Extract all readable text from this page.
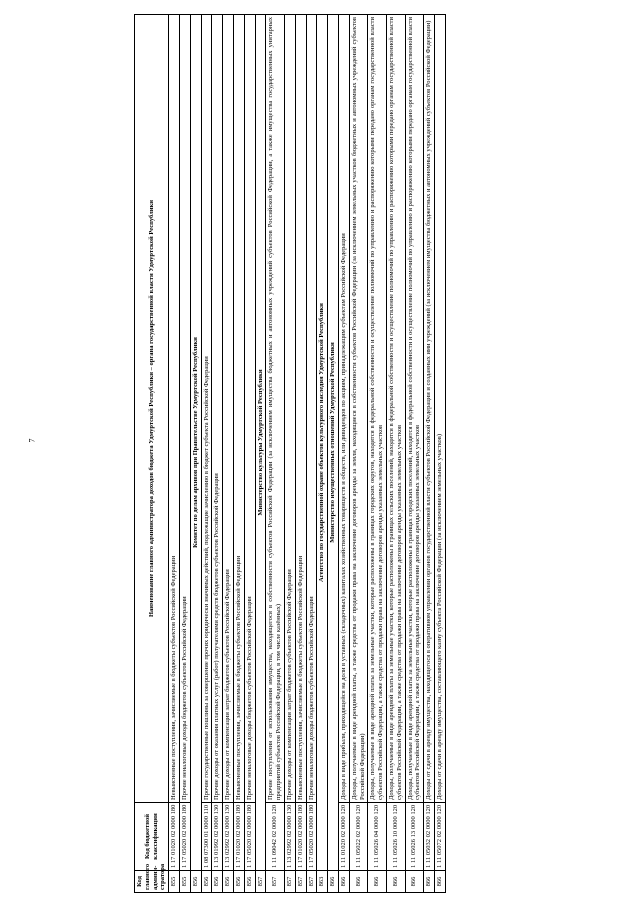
7
Код главного админи-стратора	Код бюджетной классификации	Наименование главного администратора доходов бюджета Удмуртской Республики – органа государственной власти Удмуртской Республики
855	1 17 01020 02 0000 180	Невыясненные поступления, зачисляемые в бюджеты субъектов Российской Федерации
855	1 17 05020 02 0000 180	Прочие неналоговые доходы бюджетов субъектов Российской Федерации
856	Комитет по делам архивов при Правительстве Удмуртской Республики	
856	1 08 07300 01 0000 110	Прочие государственные пошлины за совершение прочих юридически значимых действий, подлежащие зачислению в бюджет субъекта Российской Федерации
856	1 13 01992 02 0000 130	Прочие доходы от оказания платных услуг (работ) получателями средств бюджетов субъектов Российской Федерации
856	1 13 02992 02 0000 130	Прочие доходы от компенсации затрат бюджетов субъектов Российской Федерации
856	1 17 01020 02 0000 180	Невыясненные поступления, зачисляемые в бюджеты субъектов Российской Федерации
856	1 17 05020 02 0000 180	Прочие неналоговые доходы бюджетов субъектов Российской Федерации
857	Министерство культуры Удмуртской Республики	
857	1 11 09042 02 0000 120	Прочие поступления от использования имущества, находящегося в собственности субъектов Российской Федерации (за исключением имущества бюджетных и автономных учреждений субъектов Российской Федерации, а также имущества государственных унитарных предприятий субъектов Российской Федерации, в том числе казённых)
857	1 13 02992 02 0000 130	Прочие доходы от компенсации затрат бюджетов субъектов Российской Федерации
857	1 17 01020 02 0000 180	Невыясненные поступления, зачисляемые в бюджеты субъектов Российской Федерации
857	1 17 05020 02 0000 180	Прочие неналоговые доходы бюджетов субъектов Российской Федерации
863	Агентство по государственной охране объектов культурного наследия Удмуртской Республики	
866	Министерство имущественных отношений Удмуртской Республики	
866	1 11 01020 02 0000 120	Доходы в виде прибыли, приходящейся на доли в уставных (складочных) капиталах хозяйственных товариществ и обществ, или дивидендов по акциям, принадлежащим субъектам Российской Федерации
866	1 11 05022 02 0000 120	Доходы, получаемые в виде арендной платы, а также средства от продажи права на заключение договоров аренды за земли, находящиеся в собственности субъектов Российской Федерации (за исключением земельных участков бюджетных и автономных учреждений субъектов Российской Федерации)
866	1 11 05026 04 0000 120	Доходы, получаемые в виде арендной платы за земельные участки, которые расположены в границах городских округов, находятся в федеральной собственности и осуществление полномочий по управлению и распоряжению которыми передано органам государственной власти субъектов Российской Федерации, а также средства от продажи права на заключение договоров аренды указанных земельных участков
866	1 11 05026 10 0000 120	Доходы, получаемые в виде арендной платы за земельные участки, которые расположены в границах сельских поселений, находятся в федеральной собственности и осуществление полномочий по управлению и распоряжению которыми передано органам государственной власти субъектов Российской Федерации, а также средства от продажи права на заключение договоров аренды указанных земельных участков
866	1 11 05026 13 0000 120	Доходы, получаемые в виде арендной платы за земельные участки, которые расположены в границах городских поселений, находятся в федеральной собственности и осуществление полномочий по управлению и распоряжению которыми передано органам государственной власти субъектов Российской Федерации, а также средства от продажи права на заключение договоров аренды указанных земельных участков
866	1 11 05032 02 0000 120	Доходы от сдачи в аренду имущества, находящегося в оперативном управлении органов государственной власти субъектов Российской Федерации и созданных ими учреждений (за исключением имущества бюджетных и автономных учреждений субъектов Российской Федерации)
866	1 11 05072 02 0000 120	Доходы от сдачи в аренду имущества, составляющего казну субъекта Российской Федерации (за исключением земельных участков)
